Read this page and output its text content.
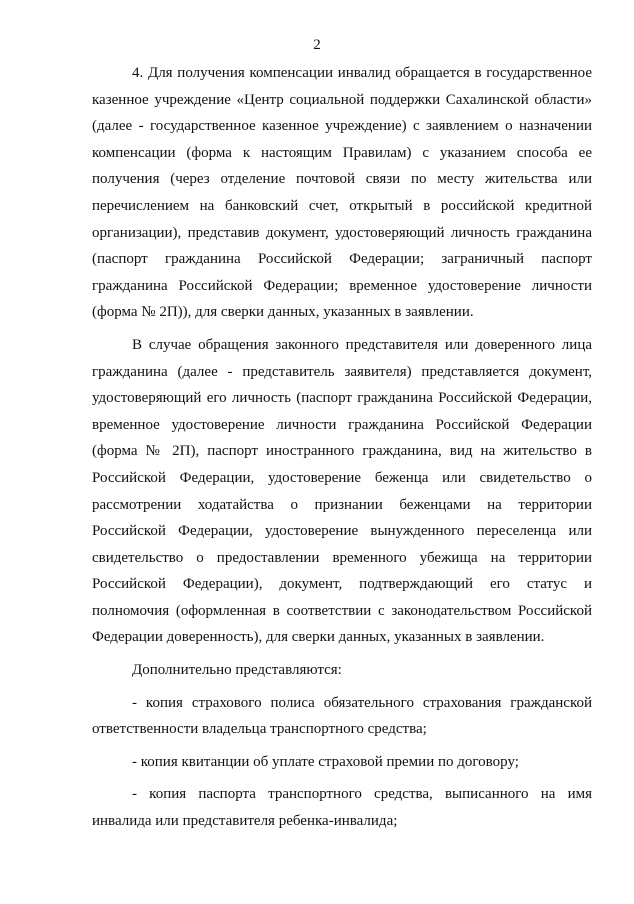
2

4. Для получения компенсации инвалид обращается в государственное казенное учреждение «Центр социальной поддержки Сахалинской области» (далее - государственное казенное учреждение) с заявлением о назначении компенсации (форма к настоящим Правилам) с указанием способа ее получения (через отделение почтовой связи по месту жительства или перечислением на банковский счет, открытый в российской кредитной организации), представив документ, удостоверяющий личность гражданина (паспорт гражданина Российской Федерации; заграничный паспорт гражданина Российской Федерации; временное удостоверение личности (форма № 2П)), для сверки данных, указанных в заявлении.

В случае обращения законного представителя или доверенного лица гражданина (далее - представитель заявителя) представляется документ, удостоверяющий его личность (паспорт гражданина Российской Федерации, временное удостоверение личности гражданина Российской Федерации (форма № 2П), паспорт иностранного гражданина, вид на жительство в Российской Федерации, удостоверение беженца или свидетельство о рассмотрении ходатайства о признании беженцами на территории Российской Федерации, удостоверение вынужденного переселенца или свидетельство о предоставлении временного убежища на территории Российской Федерации), документ, подтверждающий его статус и полномочия (оформленная в соответствии с законодательством Российской Федерации доверенность), для сверки данных, указанных в заявлении.

Дополнительно представляются:

- копия страхового полиса обязательного страхования гражданской ответственности владельца транспортного средства;

- копия квитанции об уплате страховой премии по договору;

- копия паспорта транспортного средства, выписанного на имя инвалида или представителя ребенка-инвалида;
